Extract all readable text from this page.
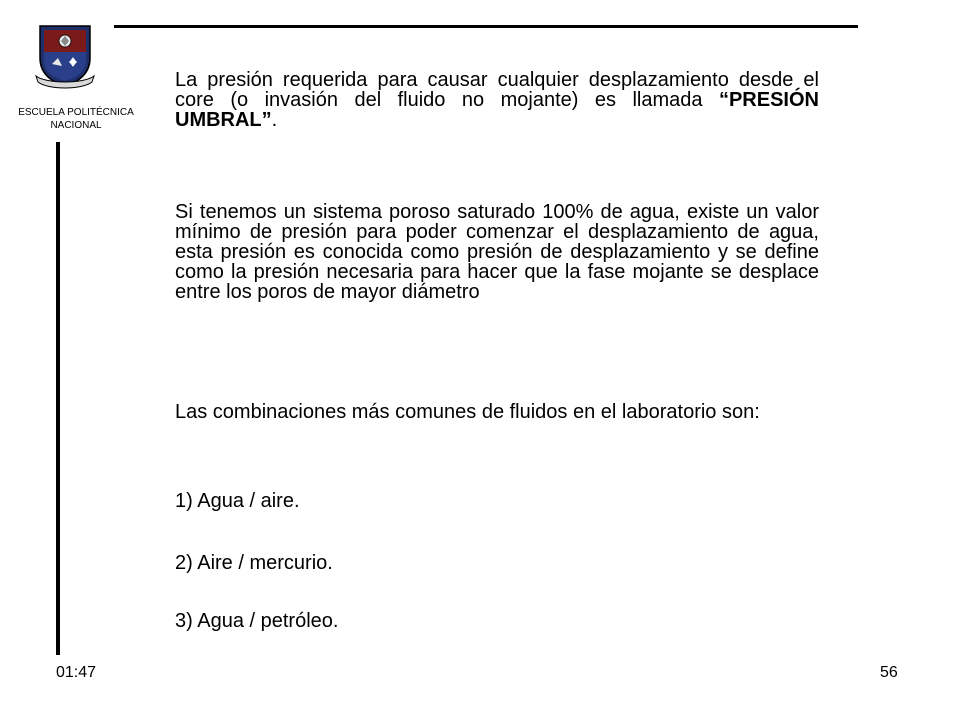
ESCUELA POLITÉCNICA
NACIONAL
La presión requerida para causar cualquier desplazamiento desde el core (o invasión del fluido no mojante) es llamada “PRESIÓN UMBRAL”.
Si tenemos un sistema poroso saturado 100% de agua, existe un valor mínimo de presión para poder comenzar el desplazamiento de agua, esta presión es conocida como presión de desplazamiento y se define como la presión necesaria para hacer que la fase mojante se desplace entre los poros de mayor diámetro
Las combinaciones más comunes de fluidos en el laboratorio son:
1) Agua / aire.
2) Aire / mercurio.
3) Agua / petróleo.
01:47	56
